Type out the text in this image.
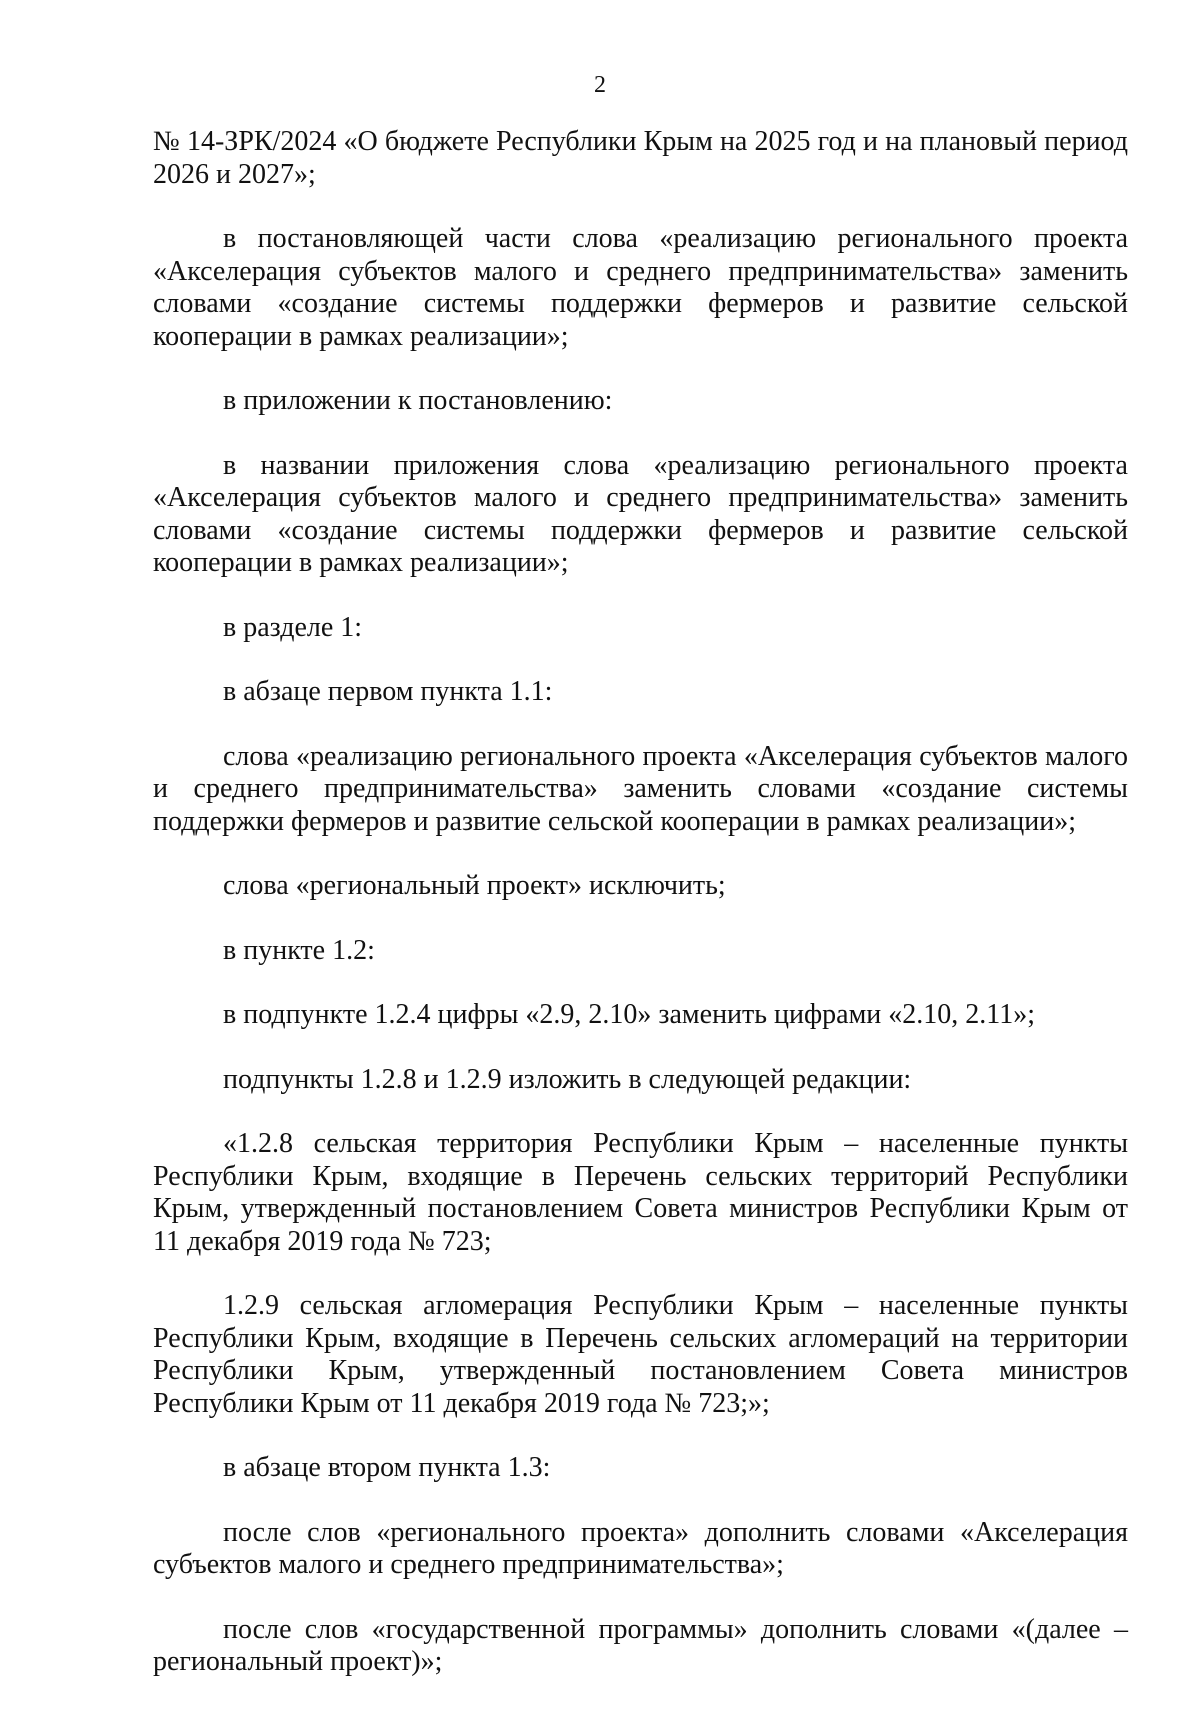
2

№ 14-ЗРК/2024 «О бюджете Республики Крым на 2025 год и на плановый период 2026 и 2027»;

в постановляющей части слова «реализацию регионального проекта «Акселерация субъектов малого и среднего предпринимательства» заменить словами «создание системы поддержки фермеров и развитие сельской кооперации в рамках реализации»;

в приложении к постановлению:

в названии приложения слова «реализацию регионального проекта «Акселерация субъектов малого и среднего предпринимательства» заменить словами «создание системы поддержки фермеров и развитие сельской кооперации в рамках реализации»;

в разделе 1:

в абзаце первом пункта 1.1:

слова «реализацию регионального проекта «Акселерация субъектов малого и среднего предпринимательства» заменить словами «создание системы поддержки фермеров и развитие сельской кооперации в рамках реализации»;

слова «региональный проект» исключить;

в пункте 1.2:

в подпункте 1.2.4 цифры «2.9, 2.10» заменить цифрами «2.10, 2.11»;

подпункты 1.2.8 и 1.2.9 изложить в следующей редакции:

«1.2.8 сельская территория Республики Крым – населенные пункты Республики Крым, входящие в Перечень сельских территорий Республики Крым, утвержденный постановлением Совета министров Республики Крым от 11 декабря 2019 года № 723;

1.2.9 сельская агломерация Республики Крым – населенные пункты Республики Крым, входящие в Перечень сельских агломераций на территории Республики Крым, утвержденный постановлением Совета министров Республики Крым от 11 декабря 2019 года № 723;»;

в абзаце втором пункта 1.3:

после слов «регионального проекта» дополнить словами «Акселерация субъектов малого и среднего предпринимательства»;

после слов «государственной программы» дополнить словами «(далее – региональный проект)»;
